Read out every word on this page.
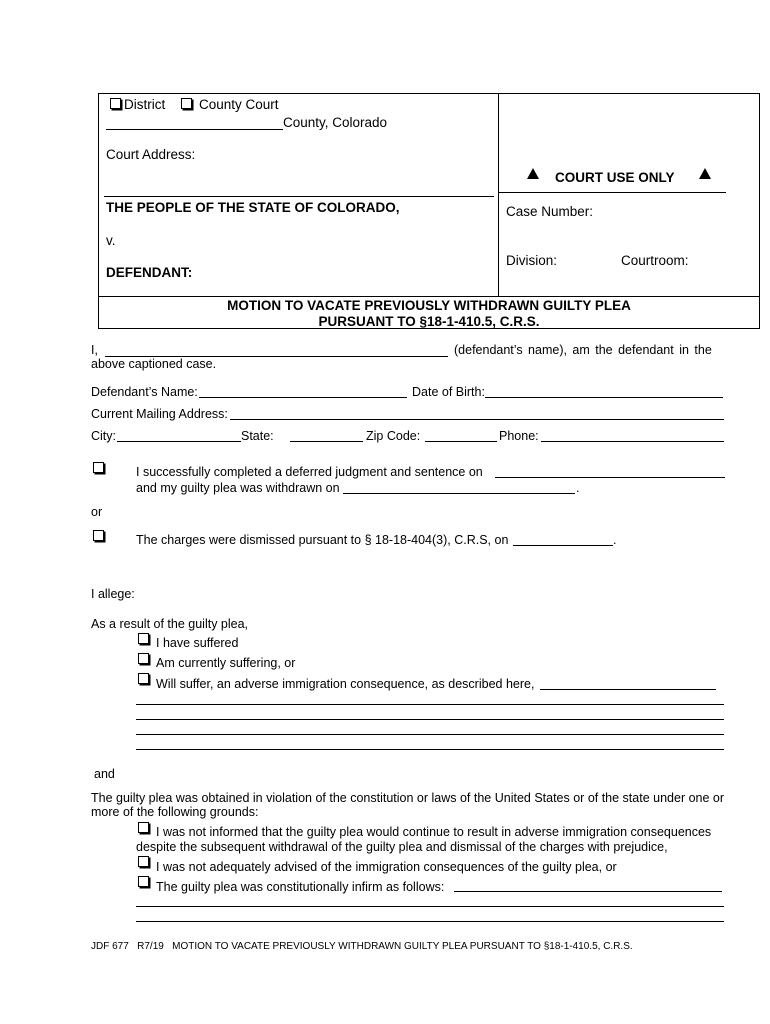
District	County Court
County, Colorado
Court Address:
COURT USE ONLY
THE PEOPLE OF THE STATE OF COLORADO,
v.
DEFENDANT:
Case Number:
Division:	Courtroom:
MOTION TO VACATE PREVIOUSLY WITHDRAWN GUILTY PLEA
PURSUANT TO §18-1-410.5, C.R.S.
I,	(defendant’s name), am the defendant in the
above captioned case.
Defendant’s Name:	Date of Birth:
Current Mailing Address:
City:	State:	Zip Code:	Phone:
I successfully completed a deferred judgment and sentence on
and my guilty plea was withdrawn on	.
or
The charges were dismissed pursuant to § 18-18-404(3), C.R.S, on	.
I allege:
As a result of the guilty plea,
I have suffered
Am currently suffering, or
Will suffer, an adverse immigration consequence, as described here,
and
The guilty plea was obtained in violation of the constitution or laws of the United States or of the state under one or
more of the following grounds:
I was not informed that the guilty plea would continue to result in adverse immigration consequences
despite the subsequent withdrawal of the guilty plea and dismissal of the charges with prejudice,
I was not adequately advised of the immigration consequences of the guilty plea, or
The guilty plea was constitutionally infirm as follows:
JDF 677   R7/19   MOTION TO VACATE PREVIOUSLY WITHDRAWN GUILTY PLEA PURSUANT TO §18-1-410.5, C.R.S.
